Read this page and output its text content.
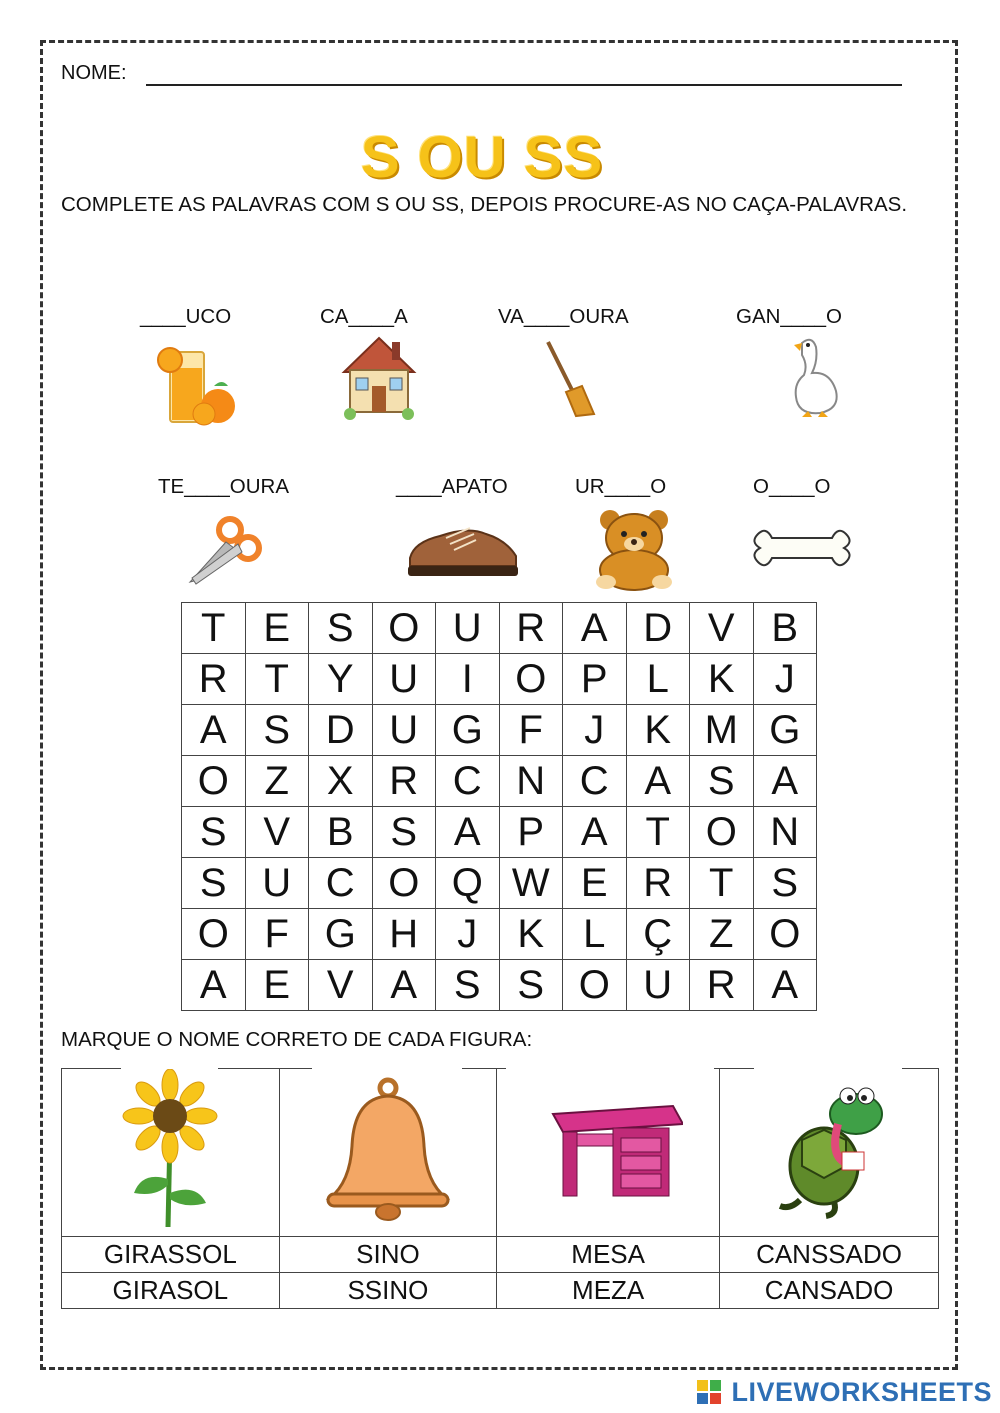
NOME:
S OU SS
COMPLETE AS PALAVRAS COM S OU SS, DEPOIS PROCURE-AS NO CAÇA-PALAVRAS.
____UCO	CA____A	VA____OURA	GAN____O
TE____OURA	____APATO	UR____O	O____O
T	E	S	O	U	R	A	D	V	B
R	T	Y	U	I	O	P	L	K	J
A	S	D	U	G	F	J	K	M	G
O	Z	X	R	C	N	C	A	S	A
S	V	B	S	A	P	A	T	O	N
S	U	C	O	Q	W	E	R	T	S
O	F	G	H	J	K	L	Ç	Z	O
A	E	V	A	S	S	O	U	R	A
MARQUE O NOME CORRETO DE CADA FIGURA:

GIRASSOL	SINO	MESA	CANSSADO
GIRASOL	SSINO	MEZA	CANSADO
LIVEWORKSHEETS
